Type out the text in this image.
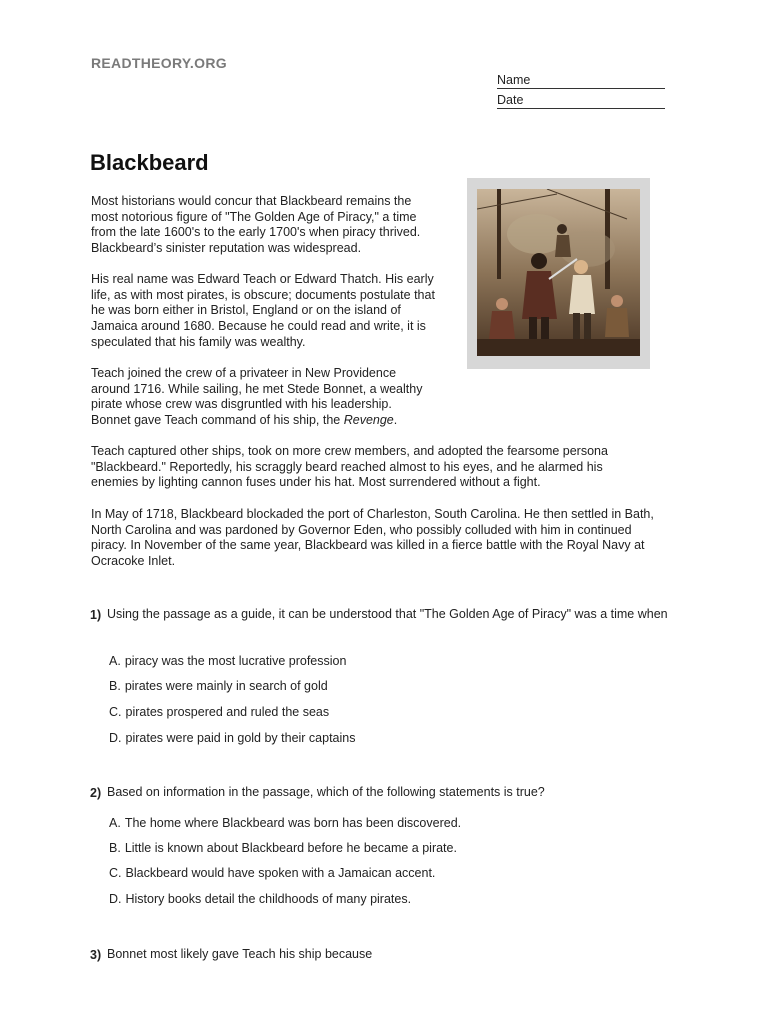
READTHEORY.ORG
Name
Date
Blackbeard

Most historians would concur that Blackbeard remains the most notorious figure of "The Golden Age of Piracy," a time from the late 1600's to the early 1700's when piracy thrived. Blackbeard’s sinister reputation was widespread.

His real name was Edward Teach or Edward Thatch. His early life, as with most pirates, is obscure; documents postulate that he was born either in Bristol, England or on the island of Jamaica around 1680. Because he could read and write, it is speculated that his family was wealthy.

Teach joined the crew of a privateer in New Providence around 1716. While sailing, he met Stede Bonnet, a wealthy pirate whose crew was disgruntled with his leadership. Bonnet gave Teach command of his ship, the Revenge.

Teach captured other ships, took on more crew members, and adopted the fearsome persona "Blackbeard." Reportedly, his scraggly beard reached almost to his eyes, and he alarmed his enemies by lighting cannon fuses under his hat. Most surrendered without a fight.

In May of 1718, Blackbeard blockaded the port of Charleston, South Carolina. He then settled in Bath, North Carolina and was pardoned by Governor Eden, who possibly colluded with him in continued piracy. In November of the same year, Blackbeard was killed in a fierce battle with the Royal Navy at Ocracoke Inlet.

1) Using the passage as a guide, it can be understood that "The Golden Age of Piracy" was a time when
A. piracy was the most lucrative profession
B. pirates were mainly in search of gold
C. pirates prospered and ruled the seas
D. pirates were paid in gold by their captains
2) Based on information in the passage, which of the following statements is true?
A. The home where Blackbeard was born has been discovered.
B. Little is known about Blackbeard before he became a pirate.
C. Blackbeard would have spoken with a Jamaican accent.
D. History books detail the childhoods of many pirates.
3) Bonnet most likely gave Teach his ship because
